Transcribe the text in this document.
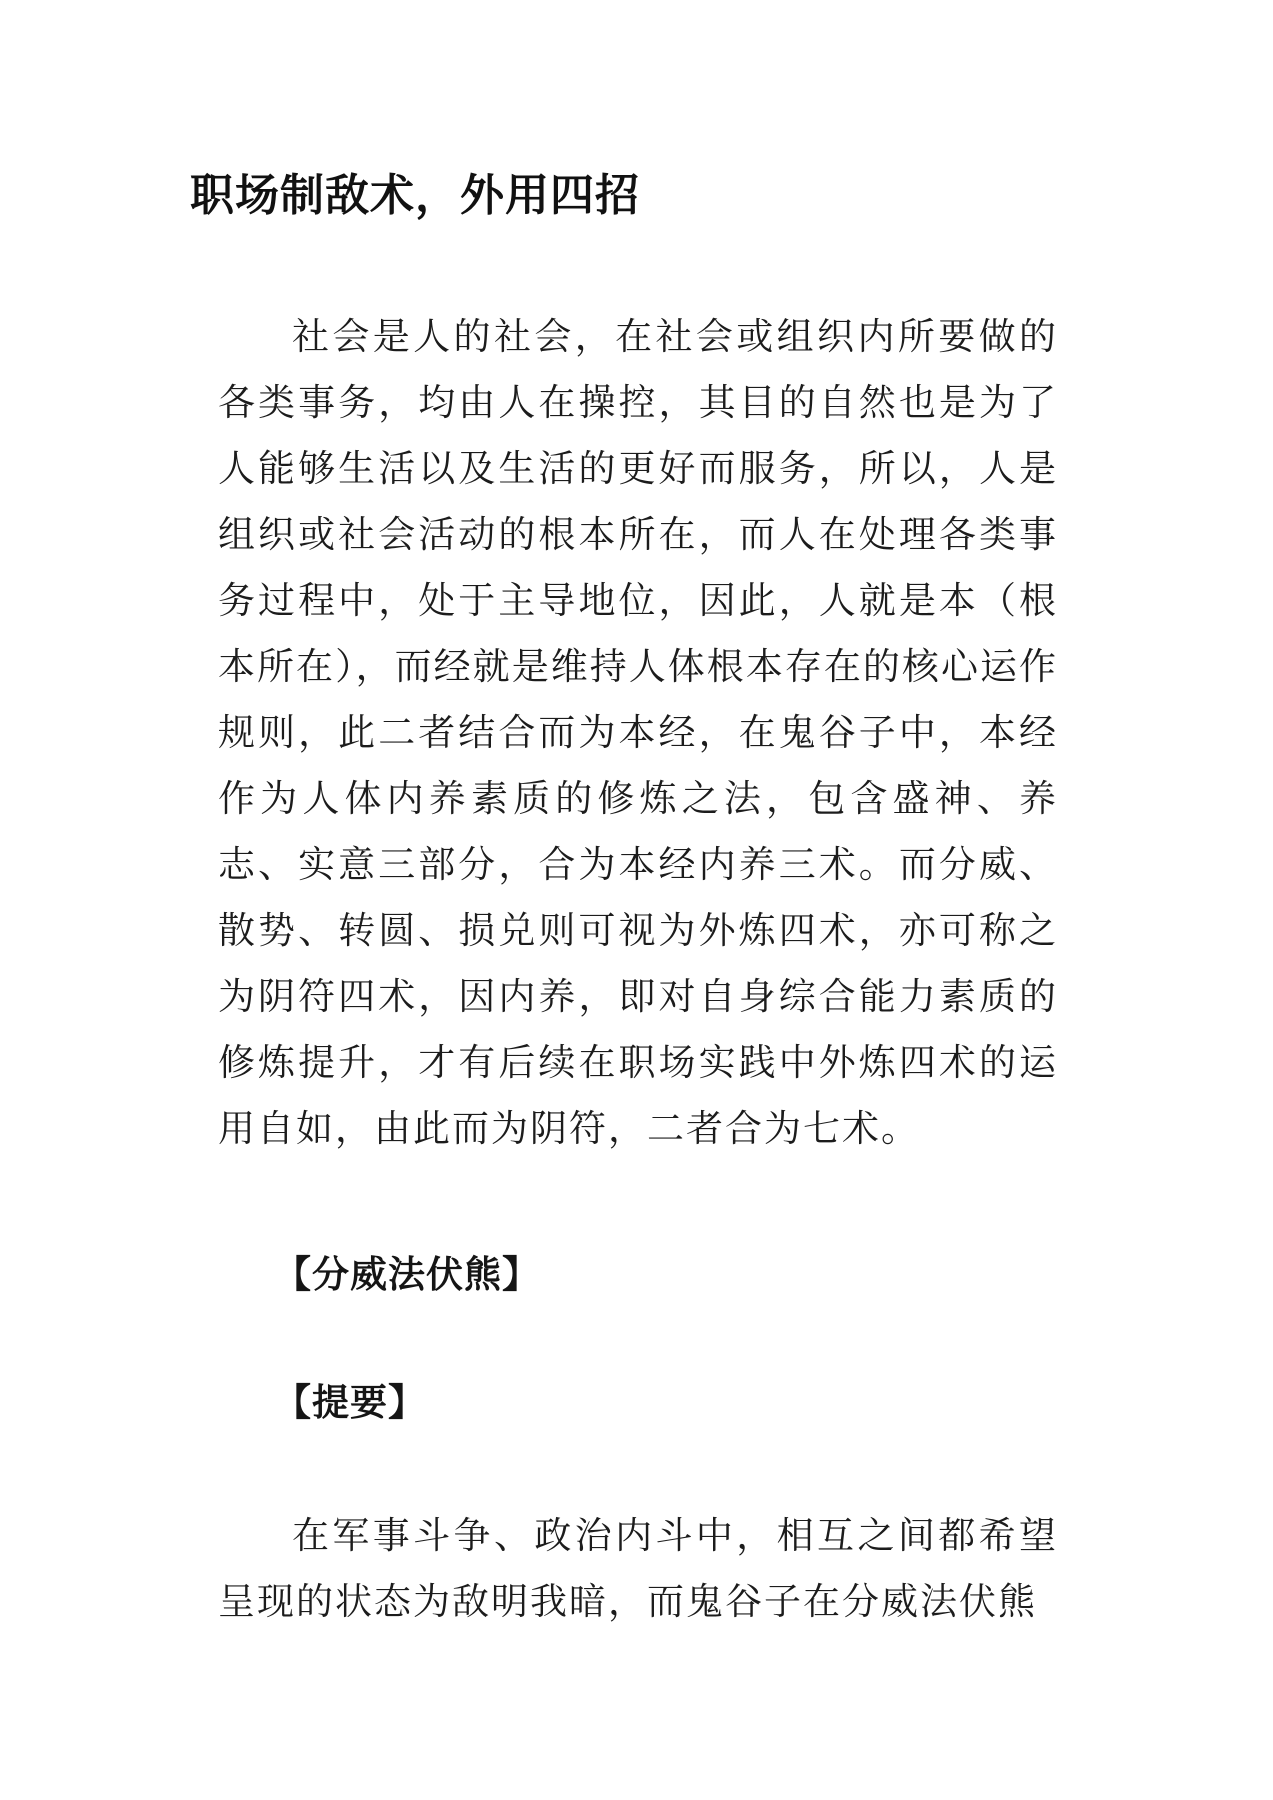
职场制敌术，外用四招

社会是人的社会，在社会或组织内所要做的各类事务，均由人在操控，其目的自然也是为了人能够生活以及生活的更好而服务，所以，人是组织或社会活动的根本所在，而人在处理各类事务过程中，处于主导地位，因此，人就是本（根本所在），而经就是维持人体根本存在的核心运作规则，此二者结合而为本经，在鬼谷子中，本经作为人体内养素质的修炼之法，包含盛神、养志、实意三部分，合为本经内养三术。而分威、散势、转圆、损兑则可视为外炼四术，亦可称之为阴符四术，因内养，即对自身综合能力素质的修炼提升，才有后续在职场实践中外炼四术的运用自如，由此而为阴符，二者合为七术。

【分威法伏熊】
【提要】

在军事斗争、政治内斗中，相互之间都希望呈现的状态为敌明我暗，而鬼谷子在分威法伏熊
